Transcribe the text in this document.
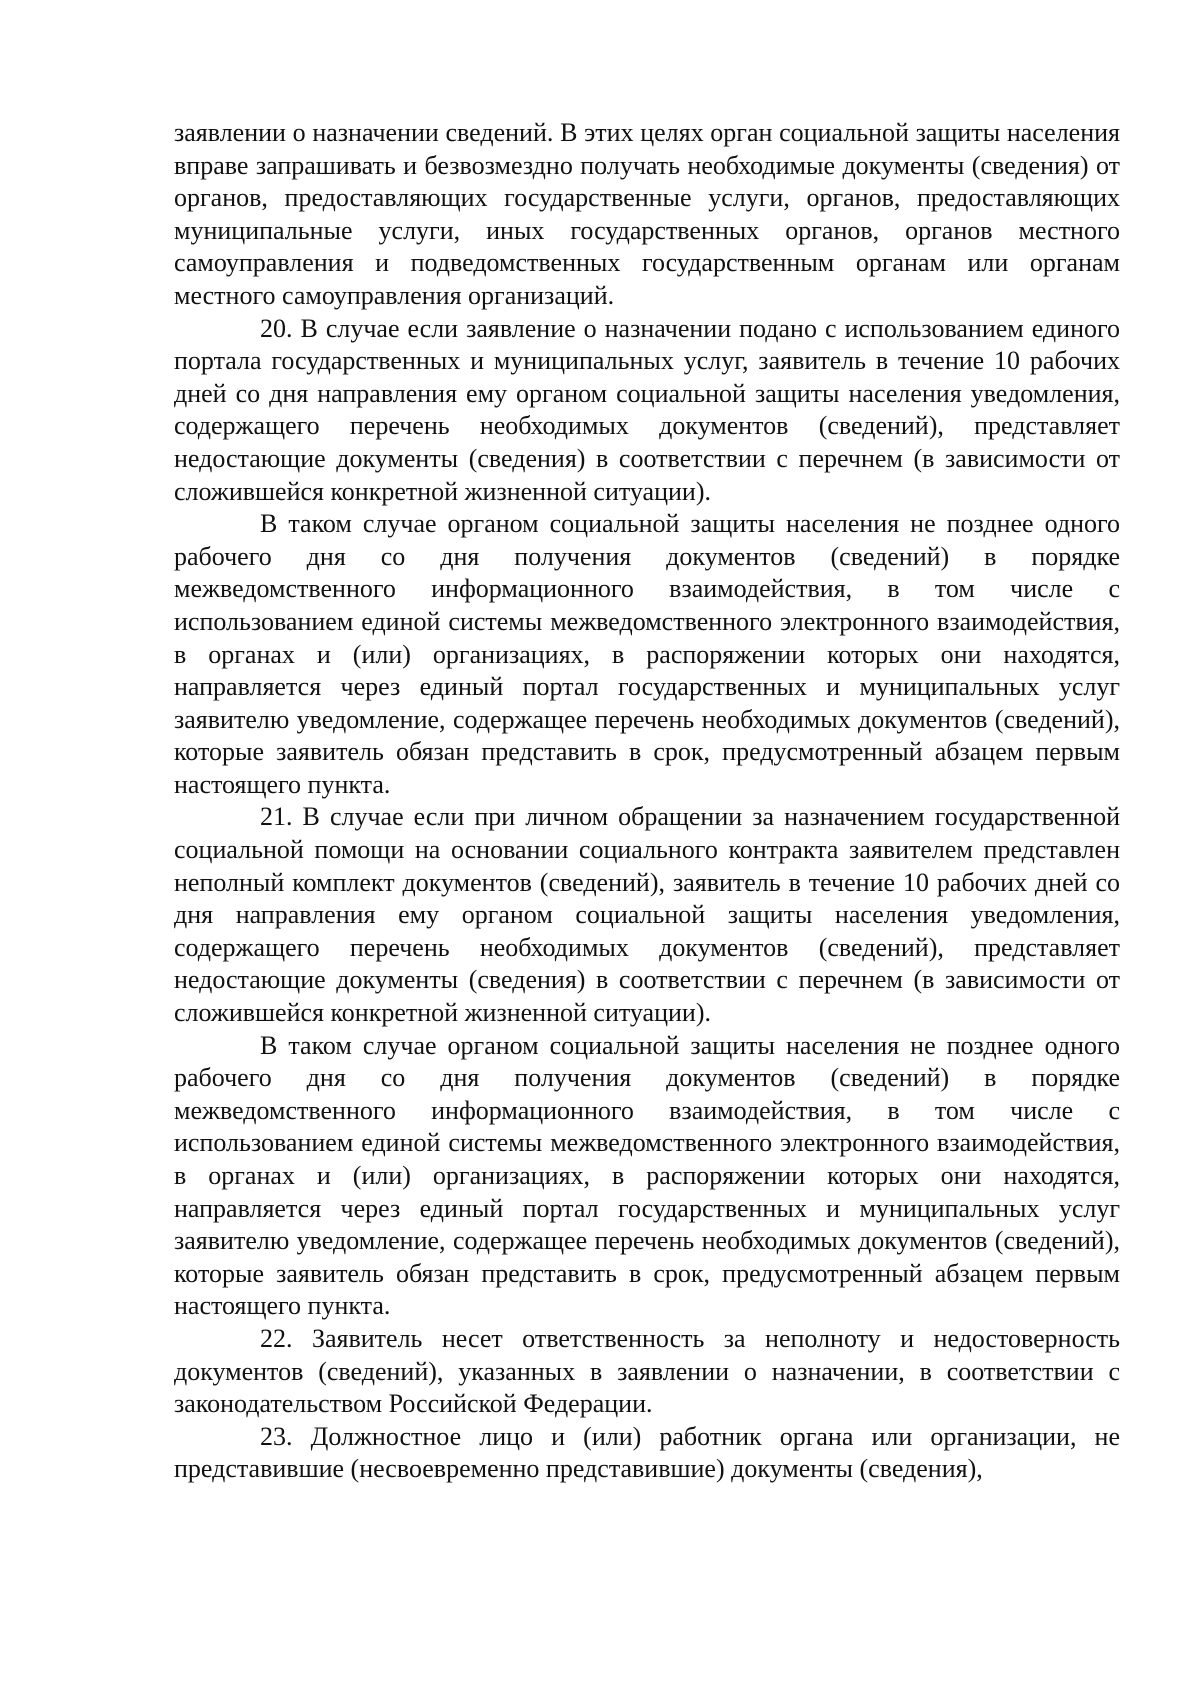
заявлении о назначении сведений. В этих целях орган социальной защиты населения вправе запрашивать и безвозмездно получать необходимые документы (сведения) от органов, предоставляющих государственные услуги, органов, предоставляющих муниципальные услуги, иных государственных органов, органов местного самоуправления и подведомственных государственным органам или органам местного самоуправления организаций.

20. В случае если заявление о назначении подано с использованием единого портала государственных и муниципальных услуг, заявитель в течение 10 рабочих дней со дня направления ему органом социальной защиты населения уведомления, содержащего перечень необходимых документов (сведений), представляет недостающие документы (сведения) в соответствии с перечнем (в зависимости от сложившейся конкретной жизненной ситуации).

В таком случае органом социальной защиты населения не позднее одного рабочего дня со дня получения документов (сведений) в порядке межведомственного информационного взаимодействия, в том числе с использованием единой системы межведомственного электронного взаимодействия, в органах и (или) организациях, в распоряжении которых они находятся, направляется через единый портал государственных и муниципальных услуг заявителю уведомление, содержащее перечень необходимых документов (сведений), которые заявитель обязан представить в срок, предусмотренный абзацем первым настоящего пункта.

21. В случае если при личном обращении за назначением государственной социальной помощи на основании социального контракта заявителем представлен неполный комплект документов (сведений), заявитель в течение 10 рабочих дней со дня направления ему органом социальной защиты населения уведомления, содержащего перечень необходимых документов (сведений), представляет недостающие документы (сведения) в соответствии с перечнем (в зависимости от сложившейся конкретной жизненной ситуации).

В таком случае органом социальной защиты населения не позднее одного рабочего дня со дня получения документов (сведений) в порядке межведомственного информационного взаимодействия, в том числе с использованием единой системы межведомственного электронного взаимодействия, в органах и (или) организациях, в распоряжении которых они находятся, направляется через единый портал государственных и муниципальных услуг заявителю уведомление, содержащее перечень необходимых документов (сведений), которые заявитель обязан представить в срок, предусмотренный абзацем первым настоящего пункта.

22. Заявитель несет ответственность за неполноту и недостоверность документов (сведений), указанных в заявлении о назначении, в соответствии с законодательством Российской Федерации.

23. Должностное лицо и (или) работник органа или организации, не представившие (несвоевременно представившие) документы (сведения),
